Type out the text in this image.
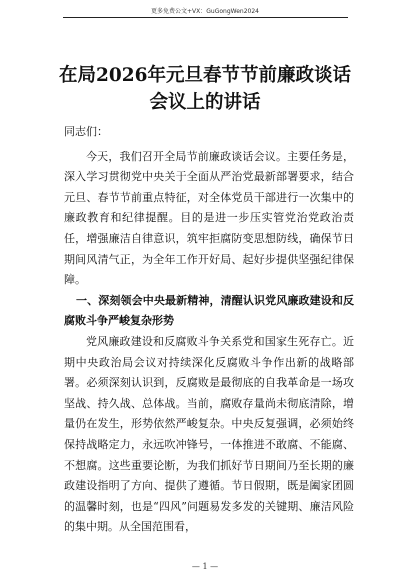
更多免费公文+VX：GuGongWen2024
在局2026年元旦春节节前廉政谈话会议上的讲话

同志们：

今天，我们召开全局节前廉政谈话会议。主要任务是，深入学习贯彻党中央关于全面从严治党最新部署要求，结合元旦、春节节前重点特征，对全体党员干部进行一次集中的廉政教育和纪律提醒。目的是进一步压实管党治党政治责任，增强廉洁自律意识，筑牢拒腐防变思想防线，确保节日期间风清气正，为全年工作开好局、起好步提供坚强纪律保障。

一、深刻领会中央最新精神，清醒认识党风廉政建设和反腐败斗争严峻复杂形势

党风廉政建设和反腐败斗争关系党和国家生死存亡。近期中央政治局会议对持续深化反腐败斗争作出新的战略部署。必须深刻认识到，反腐败是最彻底的自我革命是一场攻坚战、持久战、总体战。当前，腐败存量尚未彻底清除，增量仍在发生，形势依然严峻复杂。中央反复强调，必须始终保持战略定力，永远吹冲锋号，一体推进不敢腐、不能腐、不想腐。这些重要论断，为我们抓好节日期间乃至长期的廉政建设指明了方向、提供了遵循。节日假期，既是阖家团圆的温馨时刻，也是“四风”问题易发多发的关键期、廉洁风险的集中期。从全国范围看，

— 1 —
